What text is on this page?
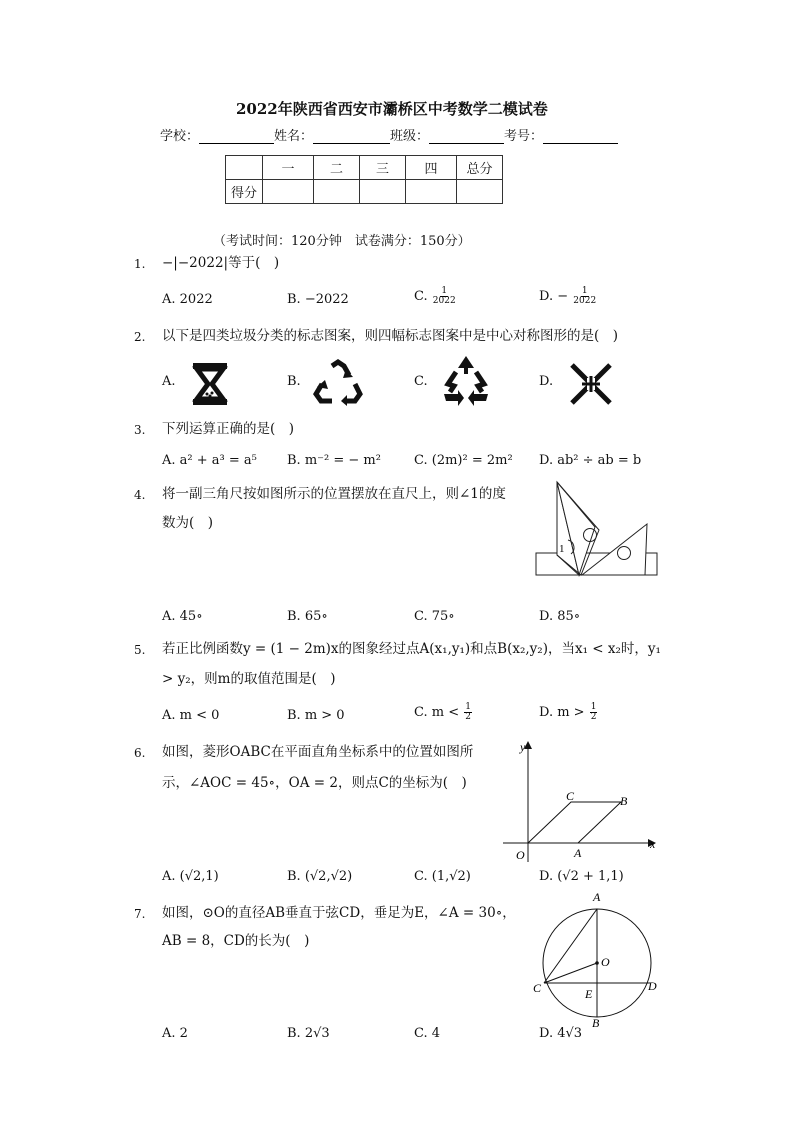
2022年陕西省西安市灞桥区中考数学二模试卷
学校：	姓名：	班级：	考号：
	一	二	三	四	总分
得分					
（考试时间：120分钟　试卷满分：150分）
1. −|−2022|等于(　)
A. 2022	B. −2022	C. $\frac{1}{2022}$	D. − $\frac{1}{2022}$
2. 以下是四类垃圾分类的标志图案，则四幅标志图案中是中心对称图形的是(　)
A.	B.	C.	D.
3. 下列运算正确的是(　)
A. a² + a³ = a⁵ B. m⁻² = − m²	C. (2m)² = 2m² D. ab² ÷ ab = b
4. 将一副三角尺按如图所示的位置摆放在直尺上，则∠1的度
数为(　)
1
A. 45∘	B. 65∘	C. 75∘	D. 85∘
5. 若正比例函数y = (1 − 2m)x的图象经过点A(x₁,y₁)和点B(x₂,y₂)，当x₁ < x₂时，y₁
> y₂，则m的取值范围是(　)
A. m < 0	B. m > 0	C. $m < \frac{1}{2}$	D. $m > \frac{1}{2}$
6. 如图，菱形OABC在平面直角坐标系中的位置如图所
示，∠AOC = 45∘，OA = 2，则点C的坐标为(　)
y
x
O	A
B
C
A. (√2,1)	B. (√2,√2)	C. (1,√2)	D. (√2 + 1,1)
7. 如图，⊙O的直径AB垂直于弦CD，垂足为E，∠A = 30∘，
AB = 8，CD的长为(　)
A
O
C	E
D
B
A. 2	B. 2√3	C. 4	D. 4√3
